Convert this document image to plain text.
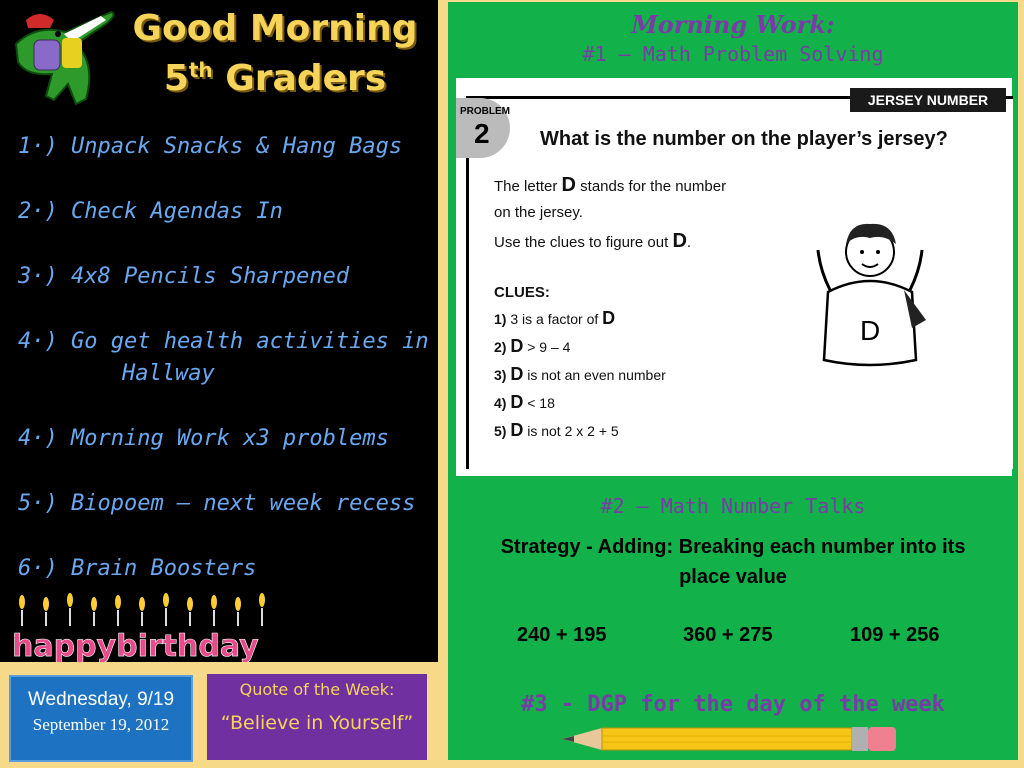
Good Morning
5th Graders
1·) Unpack Snacks & Hang Bags
2·) Check Agendas In
3·) 4x8 Pencils Sharpened
4·) Go get health activities in
Hallway
4·) Morning Work x3 problems
5·) Biopoem – next week recess
6·) Brain Boosters
happybirthday
Morning Work:
#1 – Math Problem Solving
#2 – Math Number Talks
Strategy - Adding: Breaking each number into its place value
240 + 195	360 + 275	109 + 256
#3 - DGP for the day of the week
JERSEY NUMBER
PROBLEM
2	What is the number on the player’s jersey?
The letter D stands for the number
on the jersey.
Use the clues to figure out D.
CLUES:
1) 3 is a factor of D
2) D > 9 – 4
3) D is not an even number
4) D < 18
5) D is not 2 x 2 + 5
D
Wednesday, 9/19
September 19, 2012
Quote of the Week:
“Believe in Yourself”
